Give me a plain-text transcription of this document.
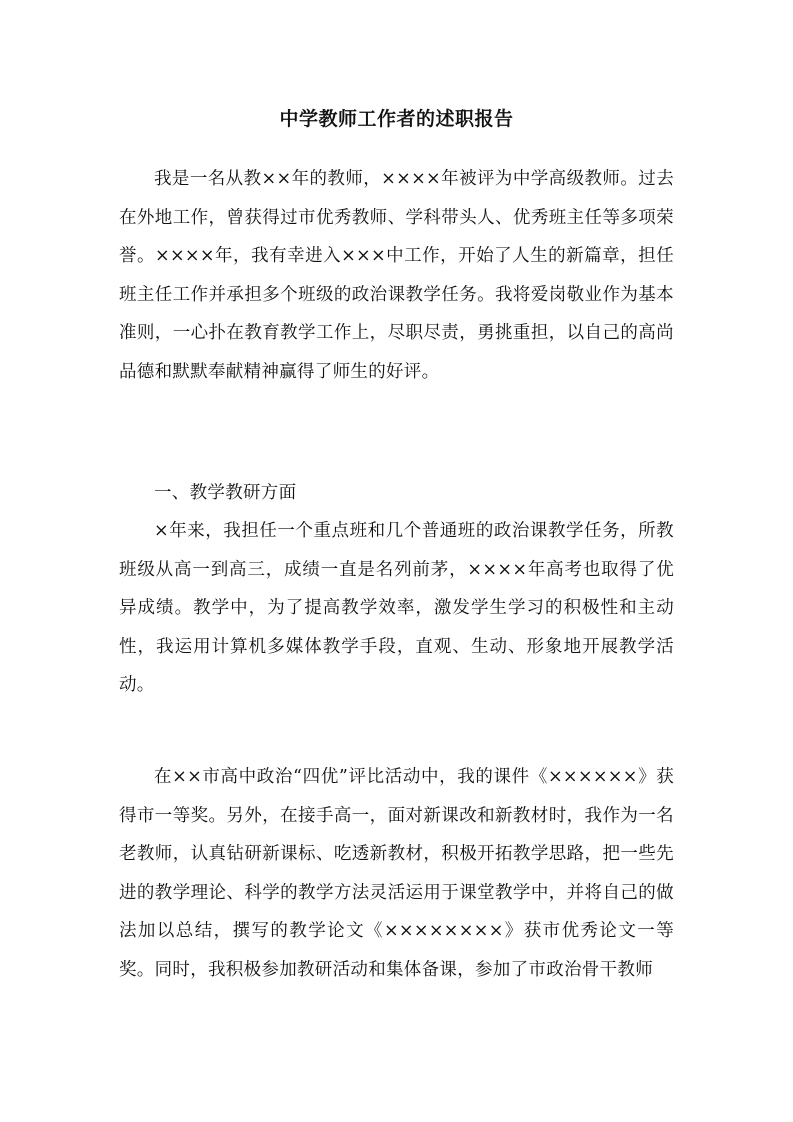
中学教师工作者的述职报告

我是一名从教××年的教师，××××年被评为中学高级教师。过去在外地工作，曾获得过市优秀教师、学科带头人、优秀班主任等多项荣誉。××××年，我有幸进入×××中工作，开始了人生的新篇章，担任班主任工作并承担多个班级的政治课教学任务。我将爱岗敬业作为基本准则，一心扑在教育教学工作上，尽职尽责，勇挑重担，以自己的高尚品德和默默奉献精神赢得了师生的好评。

一、教学教研方面

×年来，我担任一个重点班和几个普通班的政治课教学任务，所教班级从高一到高三，成绩一直是名列前茅，××××年高考也取得了优异成绩。教学中，为了提高教学效率，激发学生学习的积极性和主动性，我运用计算机多媒体教学手段，直观、生动、形象地开展教学活动。

在××市高中政治“四优”评比活动中，我的课件《××××××》获得市一等奖。另外，在接手高一，面对新课改和新教材时，我作为一名老教师，认真钻研新课标、吃透新教材，积极开拓教学思路，把一些先进的教学理论、科学的教学方法灵活运用于课堂教学中，并将自己的做法加以总结，撰写的教学论文《××××××××》获市优秀论文一等奖。同时，我积极参加教研活动和集体备课，参加了市政治骨干教师
